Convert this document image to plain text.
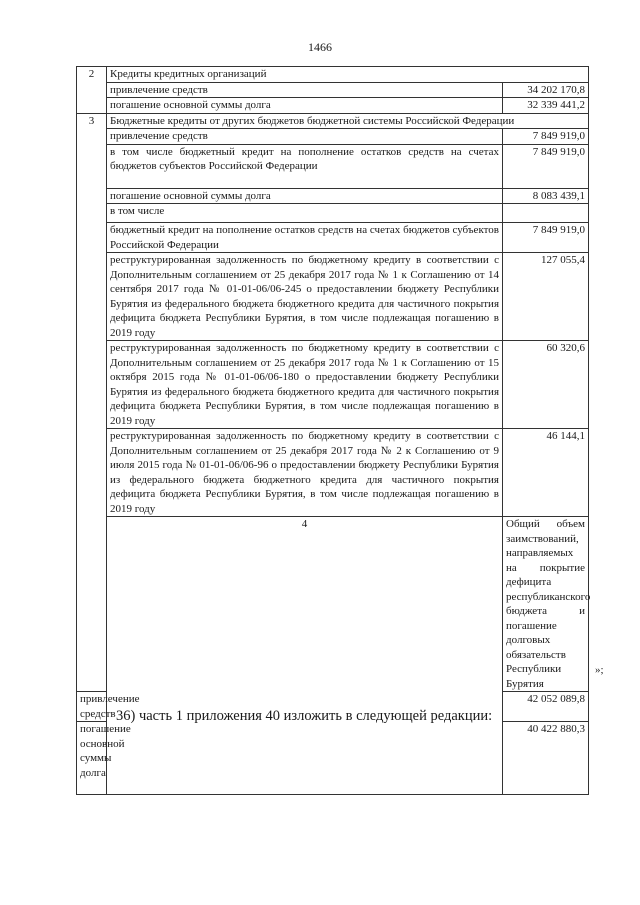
1466
2	Кредиты кредитных организаций	
	привлечение средств	34 202 170,8
	погашение основной суммы долга	32 339 441,2
3	Бюджетные кредиты от других бюджетов бюджетной системы Российской Федерации	
	привлечение средств	7 849 919,0
	в том числе бюджетный кредит на пополнение остатков средств на счетах бюджетов субъектов Российской Федерации	7 849 919,0
	погашение основной суммы долга	8 083 439,1
	в том числе	
	бюджетный кредит на пополнение остатков средств на счетах бюджетов субъектов Российской Федерации	7 849 919,0
	реструктурированная задолженность по бюджетному кредиту в соответствии с Дополнительным соглашением от 25 декабря 2017 года № 1 к Соглашению от 14 сентября 2017 года № 01-01-06/06-245 о предоставлении бюджету Республики Бурятия из федерального бюджета бюджетного кредита для частичного покрытия дефицита бюджета Республики Бурятия, в том числе подлежащая погашению в 2019 году	127 055,4
	реструктурированная задолженность по бюджетному кредиту в соответствии с Дополнительным соглашением от 25 декабря 2017 года № 1 к Соглашению от 15 октября 2015 года № 01-01-06/06-180 о предоставлении бюджету Республики Бурятия из федерального бюджета бюджетного кредита для частичного покрытия дефицита бюджета Республики Бурятия, в том числе подлежащая погашению в 2019 году	60 320,6
	реструктурированная задолженность по бюджетному кредиту в соответствии с Дополнительным соглашением от 25 декабря 2017 года № 2 к Соглашению от 9 июля 2015 года № 01-01-06/06-96 о предоставлении бюджету Республики Бурятия из федерального бюджета бюджетного кредита для частичного покрытия дефицита бюджета Республики Бурятия, в том числе подлежащая погашению в 2019 году	46 144,1
	4	Общий объем заимствований, направляемых на покрытие дефицита республиканского бюджета и погашение долговых обязательств Республики Бурятия
привлечение средств		42 052 089,8
погашение основной суммы долга		40 422 880,3
»;
36) часть 1 приложения 40 изложить в следующей редакции:
